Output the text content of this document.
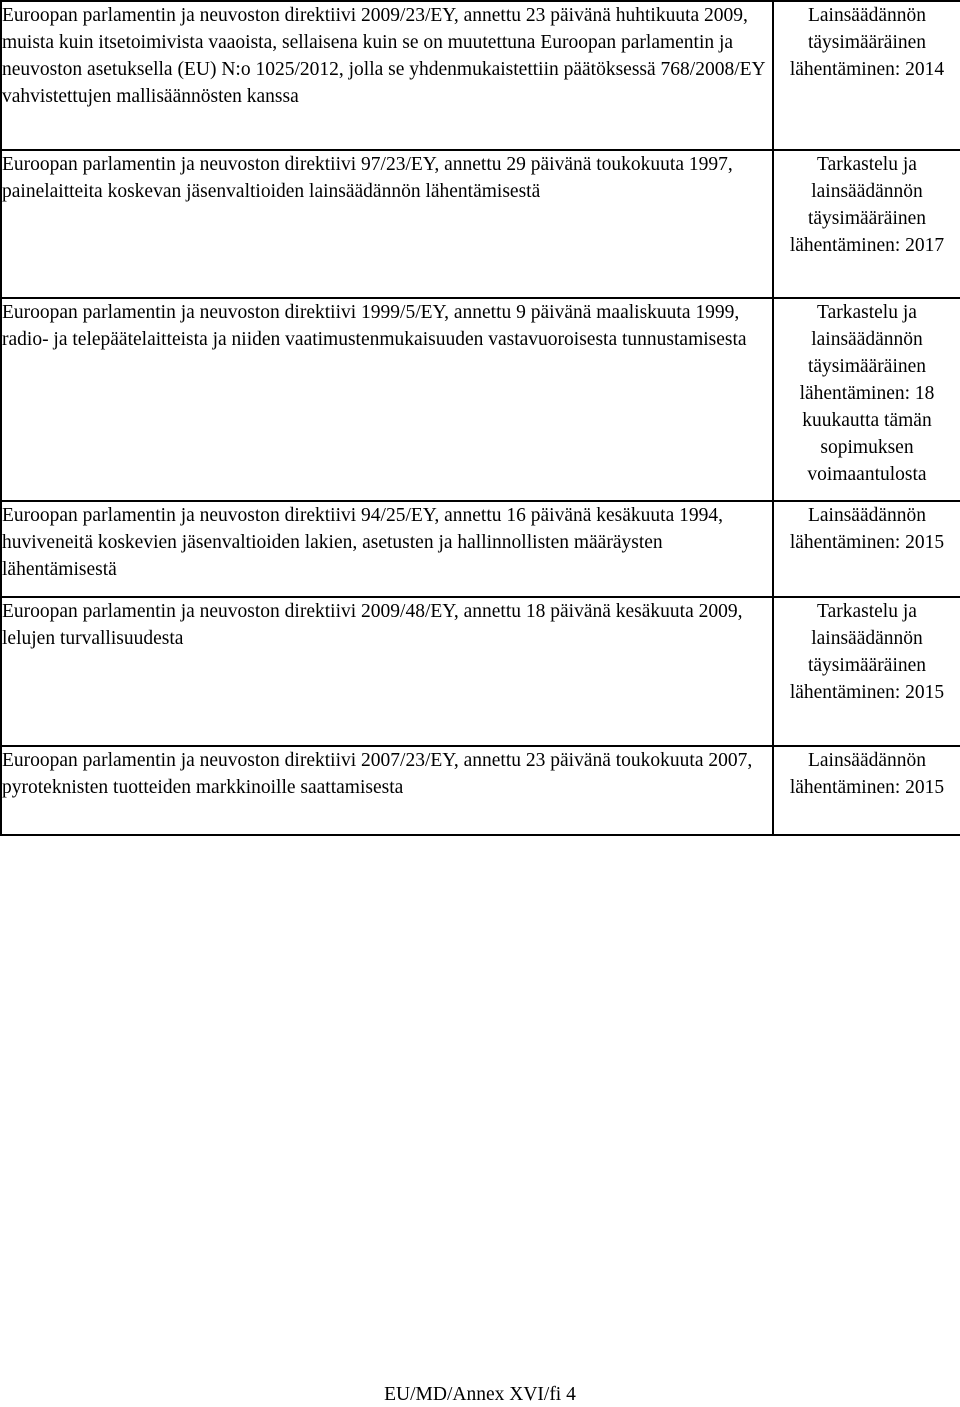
Euroopan parlamentin ja neuvoston direktiivi 2009/23/EY, annettu 23 päivänä huhtikuuta 2009, muista kuin itsetoimivista vaaoista, sellaisena kuin se on muutettuna Euroopan parlamentin ja neuvoston asetuksella (EU) N:o 1025/2012, jolla se yhdenmukaistettiin päätöksessä 768/2008/EY vahvistettujen mallisäännösten kanssa	Lainsäädännön täysimääräinen lähentäminen: 2014

Euroopan parlamentin ja neuvoston direktiivi 97/23/EY, annettu 29 päivänä toukokuuta 1997, painelaitteita koskevan jäsenvaltioiden lainsäädännön lähentämisestä	Tarkastelu ja lainsäädännön täysimääräinen lähentäminen: 2017

Euroopan parlamentin ja neuvoston direktiivi 1999/5/EY, annettu 9 päivänä maaliskuuta 1999, radio- ja telepäätelaitteista ja niiden vaatimustenmukaisuuden vastavuoroisesta tunnustamisesta	Tarkastelu ja lainsäädännön täysimääräinen lähentäminen: 18 kuukautta tämän sopimuksen voimaantulosta

Euroopan parlamentin ja neuvoston direktiivi 94/25/EY, annettu 16 päivänä kesäkuuta 1994, huviveneitä koskevien jäsenvaltioiden lakien, asetusten ja hallinnollisten määräysten lähentämisestä	Lainsäädännön lähentäminen: 2015

Euroopan parlamentin ja neuvoston direktiivi 2009/48/EY, annettu 18 päivänä kesäkuuta 2009, lelujen turvallisuudesta	Tarkastelu ja lainsäädännön täysimääräinen lähentäminen: 2015

Euroopan parlamentin ja neuvoston direktiivi 2007/23/EY, annettu 23 päivänä toukokuuta 2007, pyroteknisten tuotteiden markkinoille saattamisesta	Lainsäädännön lähentäminen: 2015
EU/MD/Annex XVI/fi 4
